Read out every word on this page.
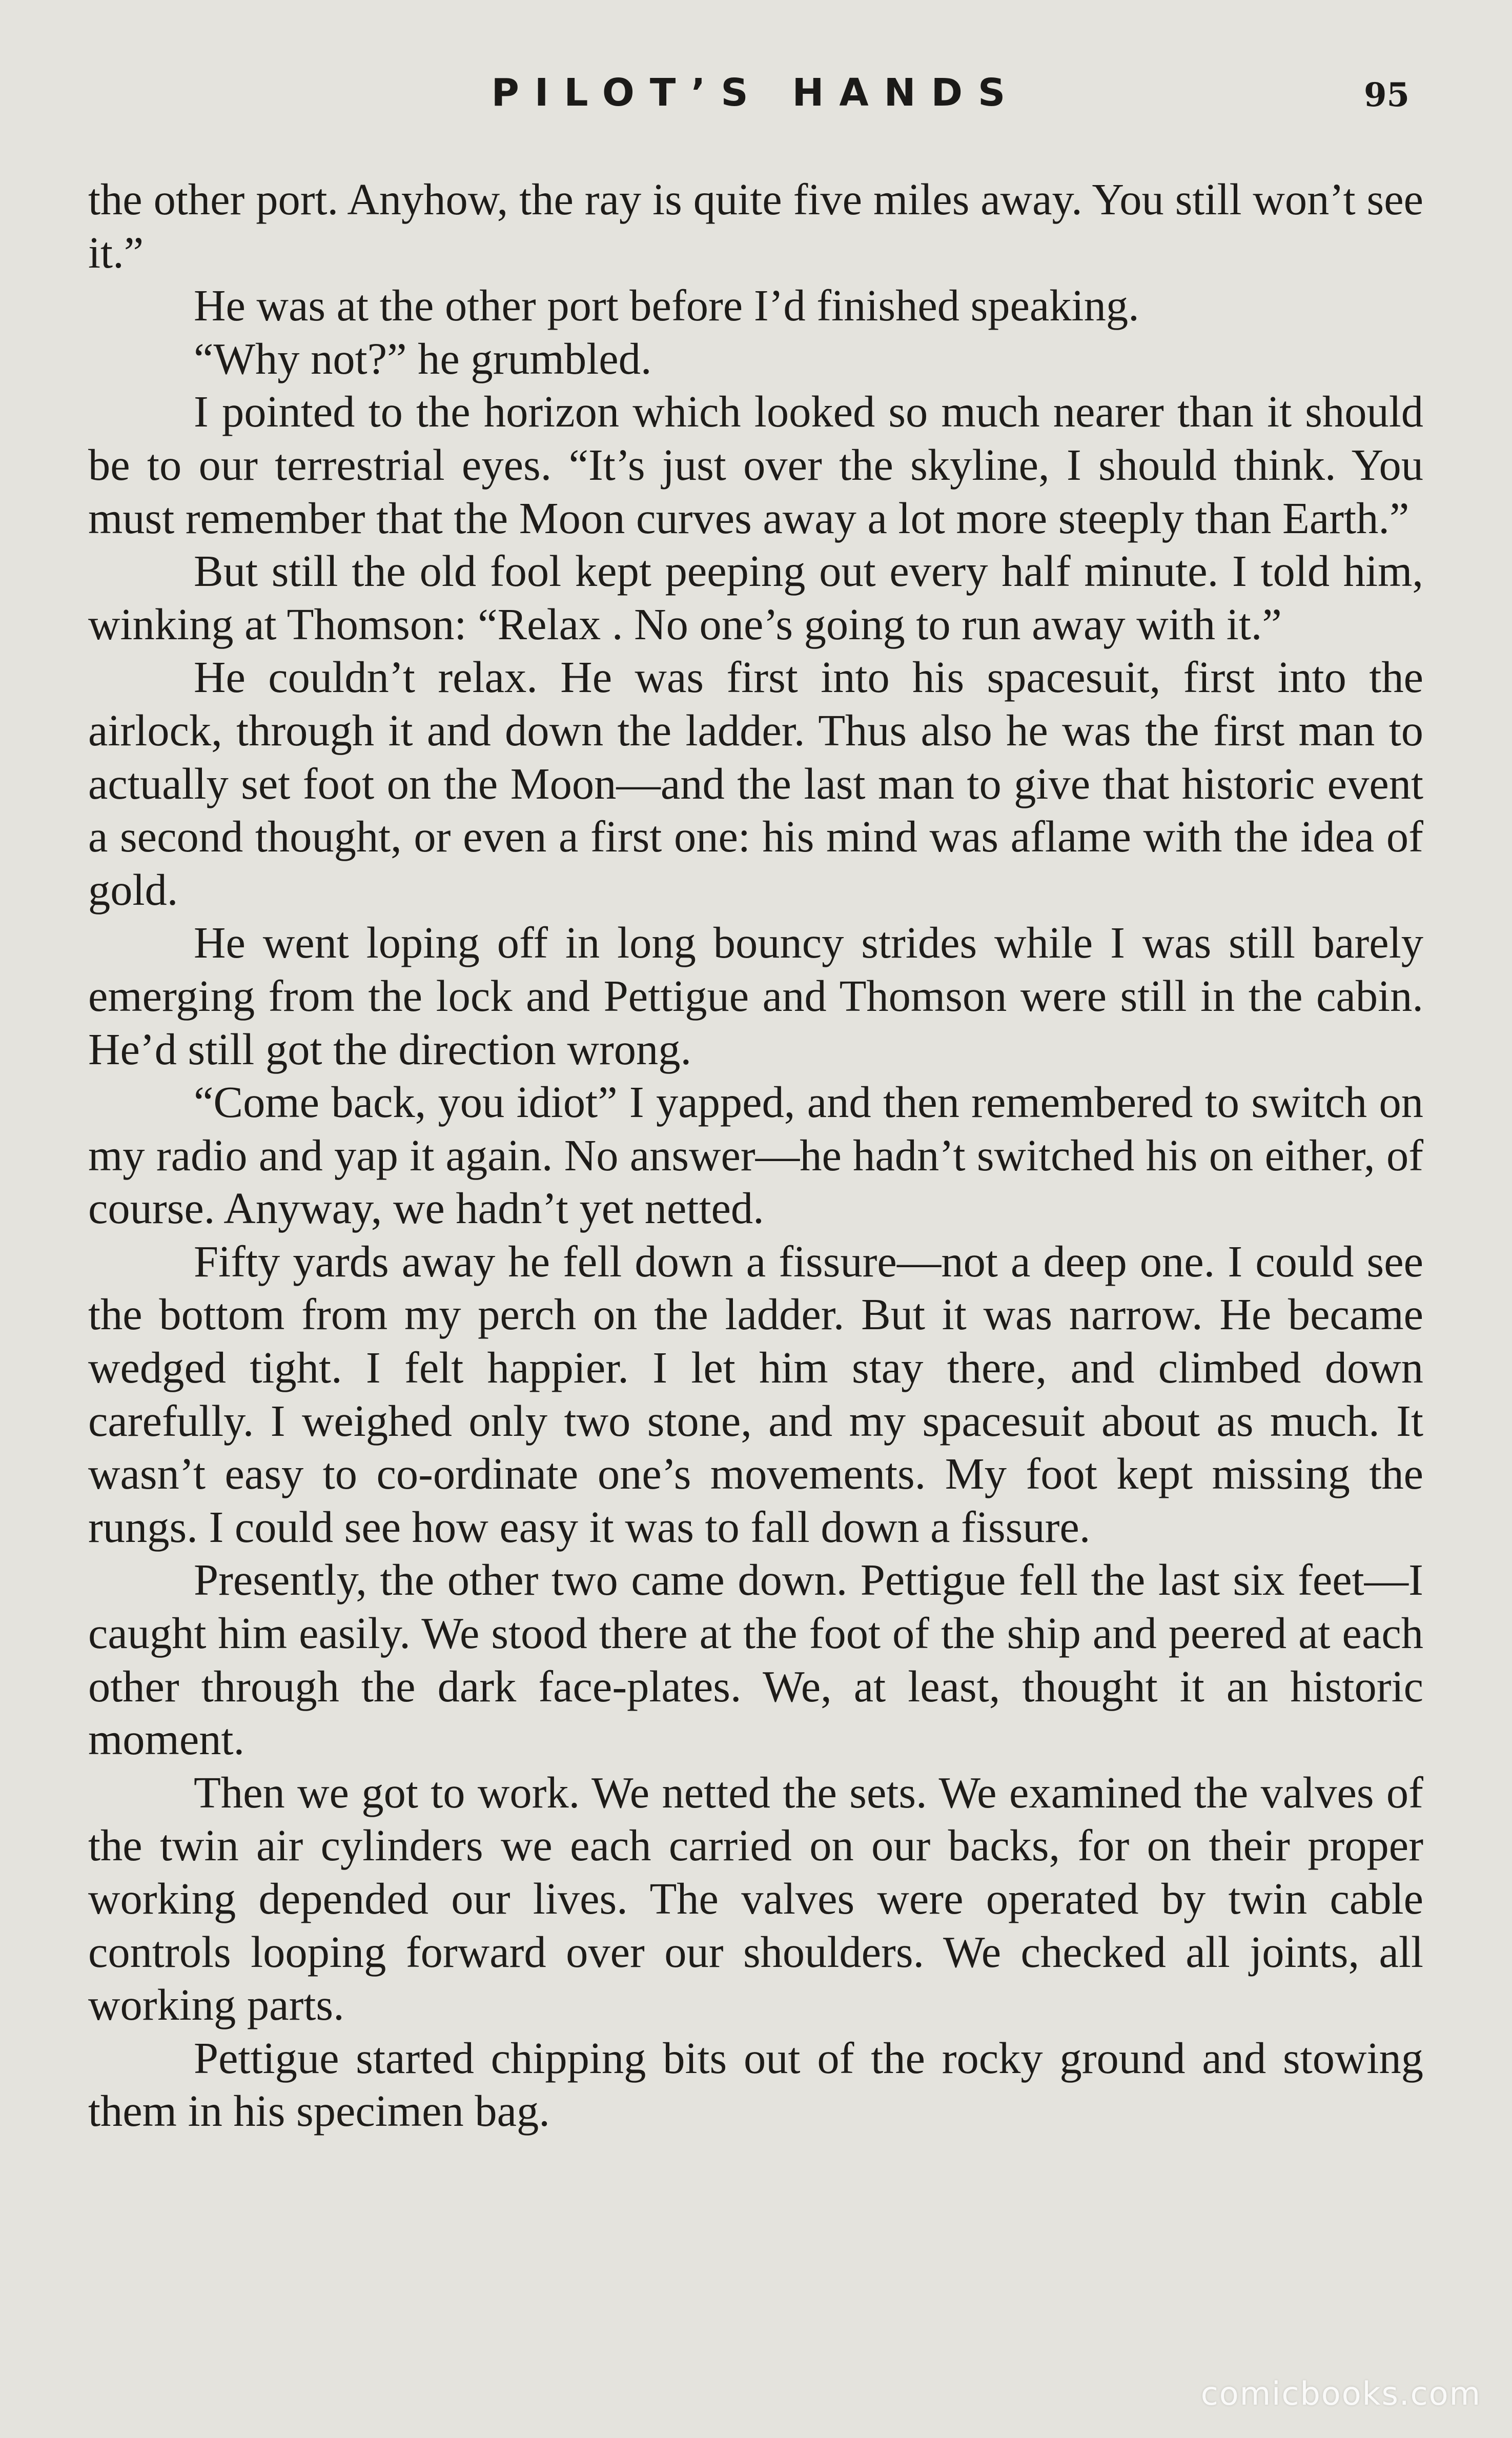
PILOT’S HANDS	95

the other port. Anyhow, the ray is quite five miles away. You still won’t see it.”

He was at the other port before I’d finished speaking.

“Why not?” he grumbled.

I pointed to the horizon which looked so much nearer than it should be to our terrestrial eyes. “It’s just over the skyline, I should think. You must remember that the Moon curves away a lot more steeply than Earth.”

But still the old fool kept peeping out every half minute. I told him, winking at Thomson: “Relax . No one’s going to run away with it.”

He couldn’t relax. He was first into his spacesuit, first into the airlock, through it and down the ladder. Thus also he was the first man to actually set foot on the Moon—and the last man to give that historic event a second thought, or even a first one: his mind was aflame with the idea of gold.

He went loping off in long bouncy strides while I was still barely emerging from the lock and Pettigue and Thomson were still in the cabin. He’d still got the direction wrong.

“Come back, you idiot” I yapped, and then remembered to switch on my radio and yap it again. No answer—he hadn’t switched his on either, of course. Anyway, we hadn’t yet netted.

Fifty yards away he fell down a fissure—not a deep one. I could see the bottom from my perch on the ladder. But it was narrow. He became wedged tight. I felt happier. I let him stay there, and climbed down carefully. I weighed only two stone, and my spacesuit about as much. It wasn’t easy to co-ordinate one’s movements. My foot kept missing the rungs. I could see how easy it was to fall down a fissure.

Presently, the other two came down. Pettigue fell the last six feet—I caught him easily. We stood there at the foot of the ship and peered at each other through the dark face-plates. We, at least, thought it an historic moment.

Then we got to work. We netted the sets. We examined the valves of the twin air cylinders we each carried on our backs, for on their proper working depended our lives. The valves were operated by twin cable controls looping forward over our shoulders. We checked all joints, all working parts.

Pettigue started chipping bits out of the rocky ground and stowing them in his specimen bag.

comicbooks.com
